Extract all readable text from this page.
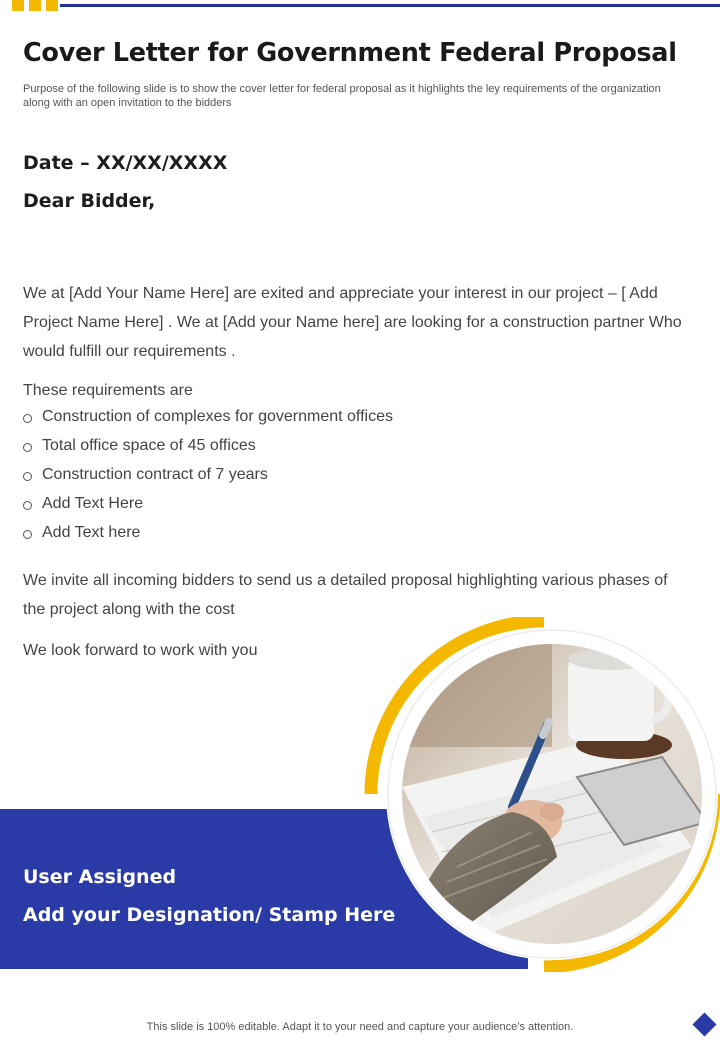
Cover Letter for Government Federal Proposal

Purpose of the following slide is to show the cover letter for federal proposal as it highlights the ley requirements of the organization along with an open invitation to the bidders

Date – XX/XX/XXXX

Dear Bidder,

We at [Add Your Name Here] are exited and appreciate your interest in our project – [ Add Project Name Here] . We at [Add your Name here] are looking for a construction partner Who would fulfill our requirements .

These requirements are

Construction of complexes for government offices
Total office space of 45 offices
Construction contract of 7 years
Add Text Here
Add Text here

We invite all incoming bidders to send us a detailed proposal highlighting various phases of the project along with the cost

We look forward to work with you

User Assigned

Add your Designation/ Stamp Here

This slide is 100% editable. Adapt it to your need and capture your audience’s attention.
